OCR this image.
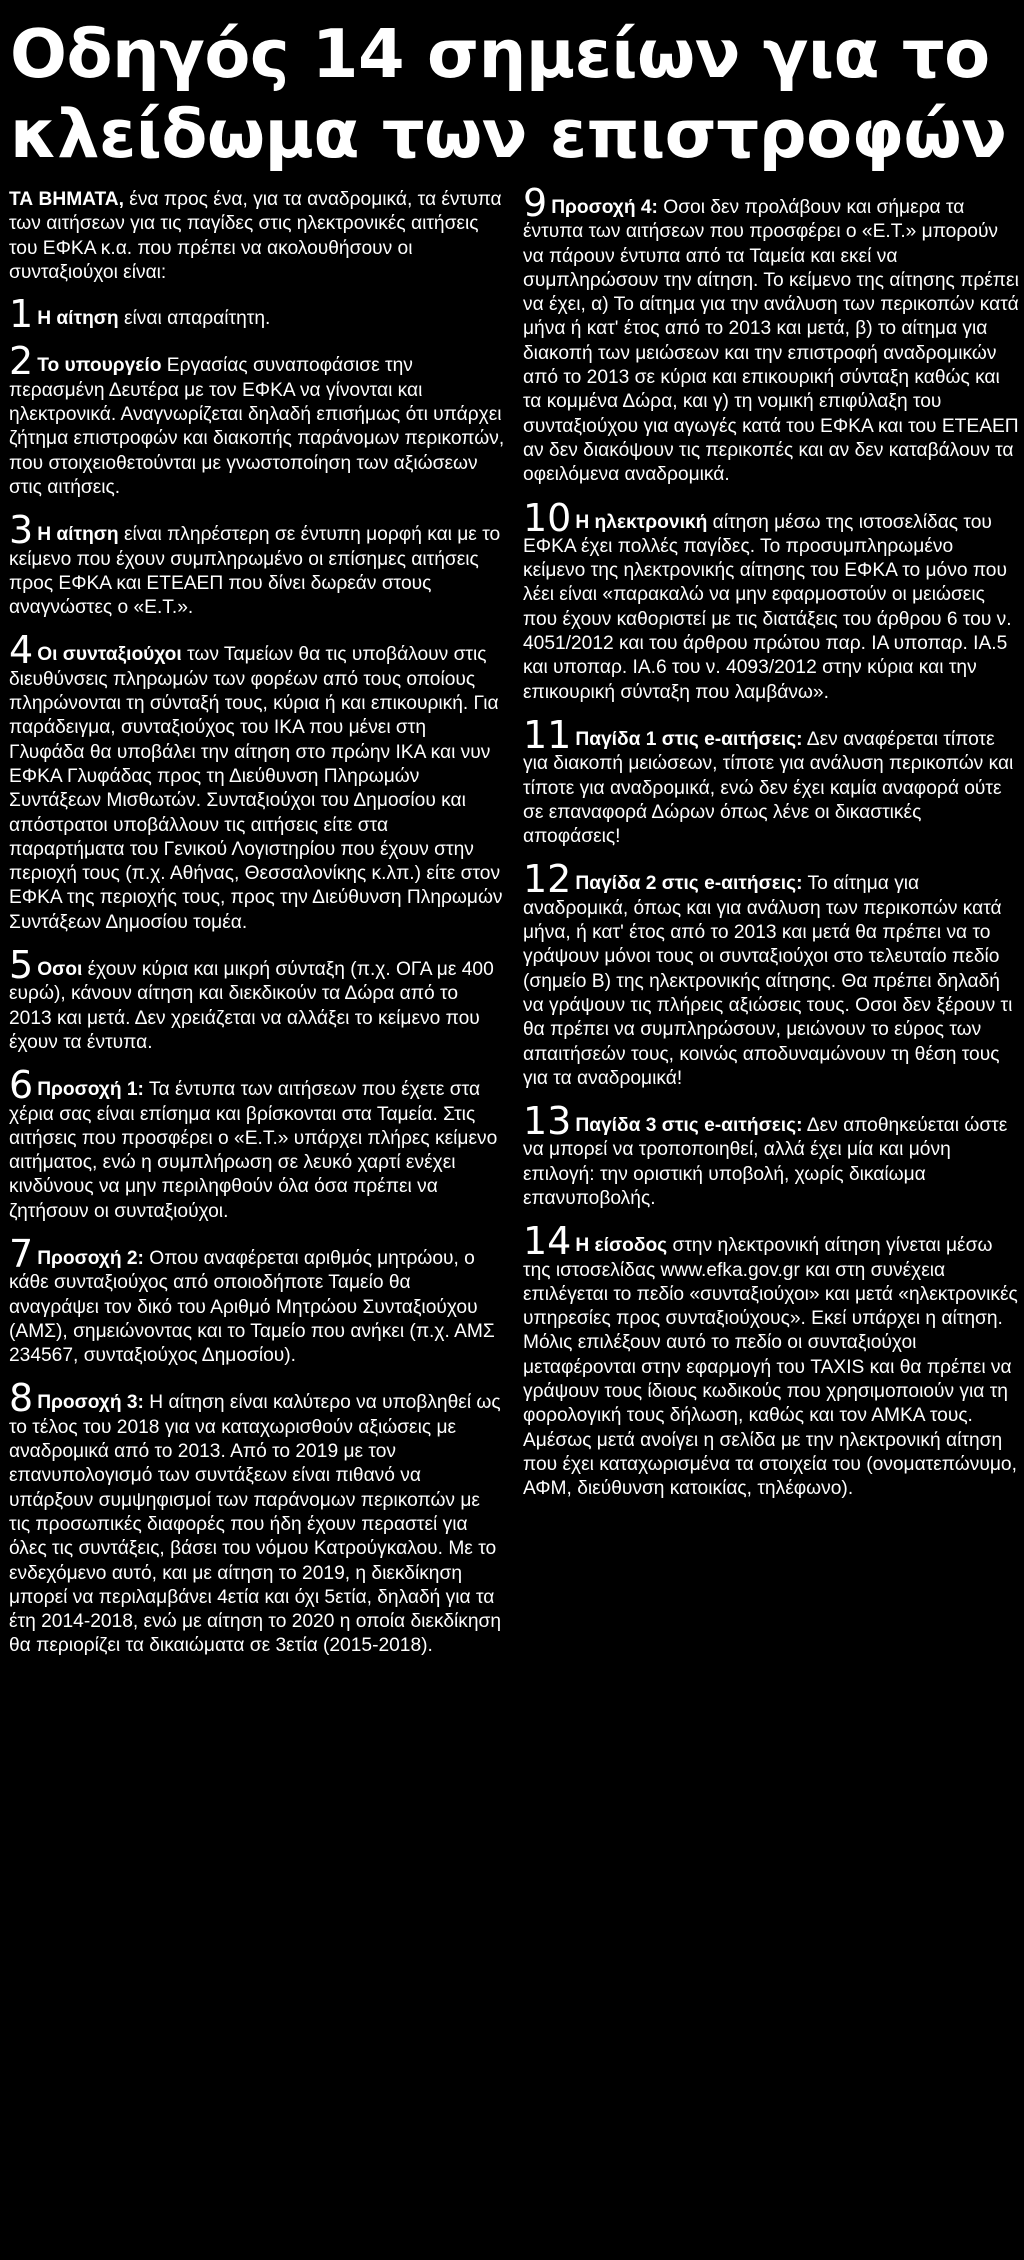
Οδηγός 14 σημείων για το
κλείδωμα των επιστροφών

ΤΑ ΒΗΜΑΤΑ, ένα προς ένα, για τα αναδρομικά, τα έντυπα των αιτήσεων για τις παγίδες στις ηλεκτρονικές αιτήσεις του ΕΦΚΑ κ.α. που πρέπει να ακολουθήσουν οι συνταξιούχοι είναι:

1 Η αίτηση είναι απαραίτητη.

2 Το υπουργείο Εργασίας συναποφάσισε την περασμένη Δευτέρα με τον ΕΦΚΑ να γίνονται και ηλεκτρονικά. Αναγνωρίζεται δηλαδή επισήμως ότι υπάρχει ζήτημα επιστροφών και διακοπής παράνομων περικοπών, που στοιχειοθετούνται με γνωστοποίηση των αξιώσεων στις αιτήσεις.

3 Η αίτηση είναι πληρέστερη σε έντυπη μορφή και με το κείμενο που έχουν συμπληρωμένο οι επίσημες αιτήσεις προς ΕΦΚΑ και ΕΤΕΑΕΠ που δίνει δωρεάν στους αναγνώστες ο «Ε.Τ.».

4 Οι συνταξιούχοι των Ταμείων θα τις υποβάλουν στις διευθύνσεις πληρωμών των φορέων από τους οποίους πληρώνονται τη σύνταξή τους, κύρια ή και επικουρική. Για παράδειγμα, συνταξιούχος του ΙΚΑ που μένει στη Γλυφάδα θα υποβάλει την αίτηση στο πρώην ΙΚΑ και νυν ΕΦΚΑ Γλυφάδας προς τη Διεύθυνση Πληρωμών Συντάξεων Μισθωτών. Συνταξιούχοι του Δημοσίου και απόστρατοι υποβάλλουν τις αιτήσεις είτε στα παραρτήματα του Γενικού Λογιστηρίου που έχουν στην περιοχή τους (π.χ. Αθήνας, Θεσσαλονίκης κ.λπ.) είτε στον ΕΦΚΑ της περιοχής τους, προς την Διεύθυνση Πληρωμών Συντάξεων Δημοσίου τομέα.

5 Οσοι έχουν κύρια και μικρή σύνταξη (π.χ. ΟΓΑ με 400 ευρώ), κάνουν αίτηση και διεκδικούν τα Δώρα από το 2013 και μετά. Δεν χρειάζεται να αλλάξει το κείμενο που έχουν τα έντυπα.

6 Προσοχή 1: Τα έντυπα των αιτήσεων που έχετε στα χέρια σας είναι επίσημα και βρίσκονται στα Ταμεία. Στις αιτήσεις που προσφέρει ο «Ε.Τ.» υπάρχει πλήρες κείμενο αιτήματος, ενώ η συμπλήρωση σε λευκό χαρτί ενέχει κινδύνους να μην περιληφθούν όλα όσα πρέπει να ζητήσουν οι συνταξιούχοι.

7 Προσοχή 2: Οπου αναφέρεται αριθμός μητρώου, ο κάθε συνταξιούχος από οποιοδήποτε Ταμείο θα αναγράψει τον δικό του Αριθμό Μητρώου Συνταξιούχου (ΑΜΣ), σημειώνοντας και το Ταμείο που ανήκει (π.χ. ΑΜΣ 234567, συνταξιούχος Δημοσίου).

8 Προσοχή 3: Η αίτηση είναι καλύτερο να υποβληθεί ως το τέλος του 2018 για να καταχωρισθούν αξιώσεις με αναδρομικά από το 2013. Από το 2019 με τον επανυπολογισμό των συντάξεων είναι πιθανό να υπάρξουν συμψηφισμοί των παράνομων περικοπών με τις προσωπικές διαφορές που ήδη έχουν περαστεί για όλες τις συντάξεις, βάσει του νόμου Κατρούγκαλου. Με το ενδεχόμενο αυτό, και με αίτηση το 2019, η διεκδίκηση μπορεί να περιλαμβάνει 4ετία και όχι 5ετία, δηλαδή για τα έτη 2014-2018, ενώ με αίτηση το 2020 η οποία διεκδίκηση θα περιορίζει τα δικαιώματα σε 3ετία (2015-2018).

9 Προσοχή 4: Οσοι δεν προλάβουν και σήμερα τα έντυπα των αιτήσεων που προσφέρει ο «Ε.Τ.» μπορούν να πάρουν έντυπα από τα Ταμεία και εκεί να συμπληρώσουν την αίτηση. Το κείμενο της αίτησης πρέπει να έχει, α) Το αίτημα για την ανάλυση των περικοπών κατά μήνα ή κατ' έτος από το 2013 και μετά, β) το αίτημα για διακοπή των μειώσεων και την επιστροφή αναδρομικών από το 2013 σε κύρια και επικουρική σύνταξη καθώς και τα κομμένα Δώρα, και γ) τη νομική επιφύλαξη του συνταξιούχου για αγωγές κατά του ΕΦΚΑ και του ΕΤΕΑΕΠ αν δεν διακόψουν τις περικοπές και αν δεν καταβάλουν τα οφειλόμενα αναδρομικά.

10 Η ηλεκτρονική αίτηση μέσω της ιστοσελίδας του ΕΦΚΑ έχει πολλές παγίδες. Το προσυμπληρωμένο κείμενο της ηλεκτρονικής αίτησης του ΕΦΚΑ το μόνο που λέει είναι «παρακαλώ να μην εφαρμοστούν οι μειώσεις που έχουν καθοριστεί με τις διατάξεις του άρθρου 6 του ν. 4051/2012 και του άρθρου πρώτου παρ. ΙΑ υποπαρ. ΙΑ.5 και υποπαρ. ΙΑ.6 του ν. 4093/2012 στην κύρια και την επικουρική σύνταξη που λαμβάνω».

11 Παγίδα 1 στις e-αιτήσεις: Δεν αναφέρεται τίποτε για διακοπή μειώσεων, τίποτε για ανάλυση περικοπών και τίποτε για αναδρομικά, ενώ δεν έχει καμία αναφορά ούτε σε επαναφορά Δώρων όπως λένε οι δικαστικές αποφάσεις!

12 Παγίδα 2 στις e-αιτήσεις: Το αίτημα για αναδρομικά, όπως και για ανάλυση των περικοπών κατά μήνα, ή κατ' έτος από το 2013 και μετά θα πρέπει να το γράψουν μόνοι τους οι συνταξιούχοι στο τελευταίο πεδίο (σημείο Β) της ηλεκτρονικής αίτησης. Θα πρέπει δηλαδή να γράψουν τις πλήρεις αξιώσεις τους. Οσοι δεν ξέρουν τι θα πρέπει να συμπληρώσουν, μειώνουν το εύρος των απαιτήσεών τους, κοινώς αποδυναμώνουν τη θέση τους για τα αναδρομικά!

13 Παγίδα 3 στις e-αιτήσεις: Δεν αποθηκεύεται ώστε να μπορεί να τροποποιηθεί, αλλά έχει μία και μόνη επιλογή: την οριστική υποβολή, χωρίς δικαίωμα επανυποβολής.

14 Η είσοδος στην ηλεκτρονική αίτηση γίνεται μέσω της ιστοσελίδας www.efka.gov.gr και στη συνέχεια επιλέγεται το πεδίο «συνταξιούχοι» και μετά «ηλεκτρονικές υπηρεσίες προς συνταξιούχους». Εκεί υπάρχει η αίτηση. Μόλις επιλέξουν αυτό το πεδίο οι συνταξιούχοι μεταφέρονται στην εφαρμογή του TAXIS και θα πρέπει να γράψουν τους ίδιους κωδικούς που χρησιμοποιούν για τη φορολογική τους δήλωση, καθώς και τον ΑΜΚΑ τους. Αμέσως μετά ανοίγει η σελίδα με την ηλεκτρονική αίτηση που έχει καταχωρισμένα τα στοιχεία του (ονοματεπώνυμο, ΑΦΜ, διεύθυνση κατοικίας, τηλέφωνο).
